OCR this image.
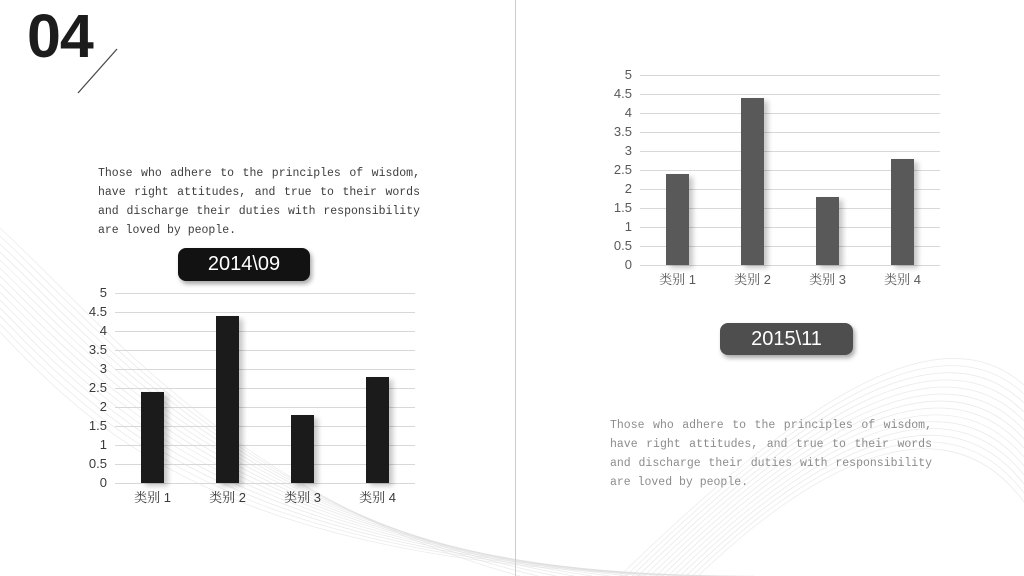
04

Those who adhere to the principles of wisdom, have right attitudes, and true to their words and discharge their duties with responsibility are loved by people.

2014\09
0
0.5
1
1.5
2
2.5
3
3.5
4
4.5
5
类别 1	类别 2	类别 3	类别 4
0
0.5
1
1.5
2
2.5
3
3.5
4
4.5
5
类别 1	类别 2	类别 3	类别 4
2015\11

Those who adhere to the principles of wisdom, have right attitudes, and true to their words and discharge their duties with responsibility are loved by people.
